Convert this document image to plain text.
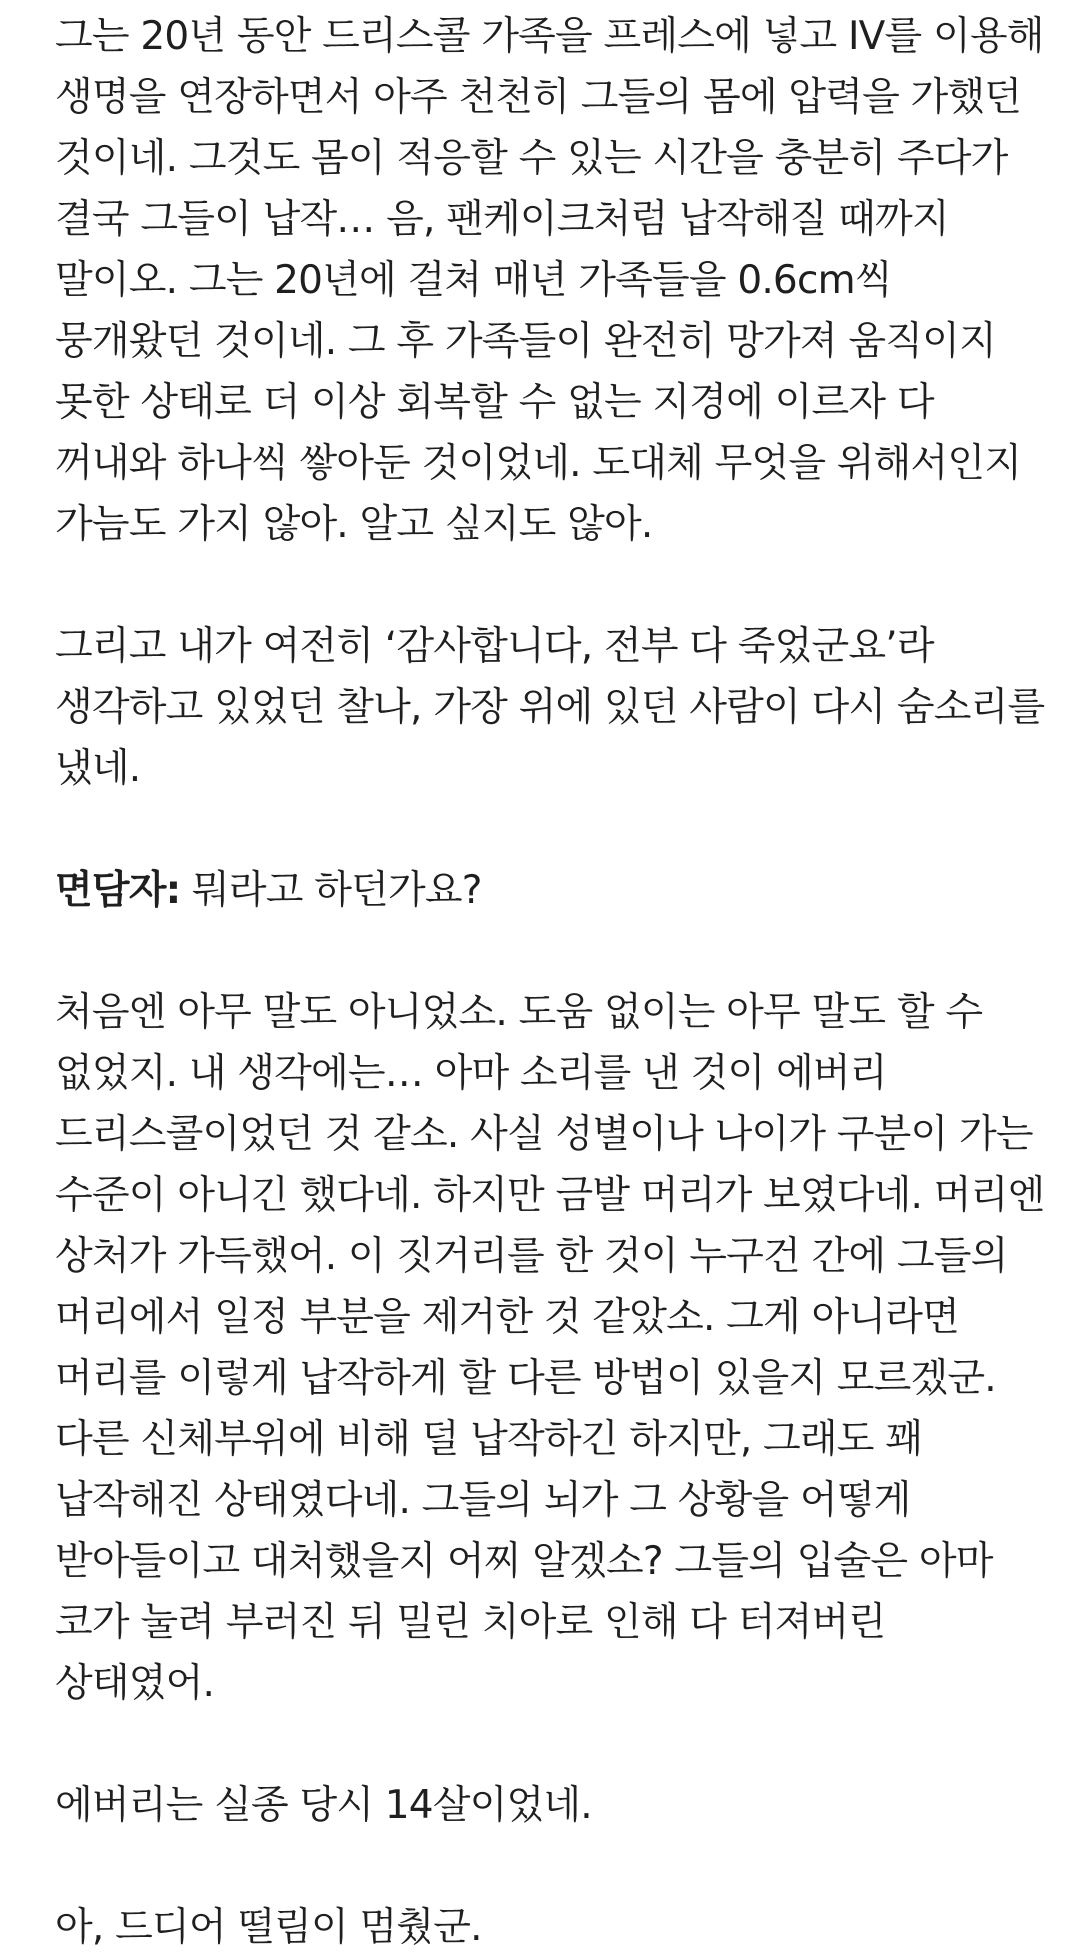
그는 20년 동안 드리스콜 가족을 프레스에 넣고 IV를 이용해 생명을 연장하면서 아주 천천히 그들의 몸에 압력을 가했던 것이네. 그것도 몸이 적응할 수 있는 시간을 충분히 주다가 결국 그들이 납작… 음, 팬케이크처럼 납작해질 때까지 말이오. 그는 20년에 걸쳐 매년 가족들을 0.6cm씩 뭉개왔던 것이네. 그 후 가족들이 완전히 망가져 움직이지 못한 상태로 더 이상 회복할 수 없는 지경에 이르자 다 꺼내와 하나씩 쌓아둔 것이었네. 도대체 무엇을 위해서인지 가늠도 가지 않아. 알고 싶지도 않아.

그리고 내가 여전히 ‘감사합니다, 전부 다 죽었군요’라 생각하고 있었던 찰나, 가장 위에 있던 사람이 다시 숨소리를 냈네.

면담자: 뭐라고 하던가요?

처음엔 아무 말도 아니었소. 도움 없이는 아무 말도 할 수 없었지. 내 생각에는… 아마 소리를 낸 것이 에버리 드리스콜이었던 것 같소. 사실 성별이나 나이가 구분이 가는 수준이 아니긴 했다네. 하지만 금발 머리가 보였다네. 머리엔 상처가 가득했어. 이 짓거리를 한 것이 누구건 간에 그들의 머리에서 일정 부분을 제거한 것 같았소. 그게 아니라면 머리를 이렇게 납작하게 할 다른 방법이 있을지 모르겠군. 다른 신체부위에 비해 덜 납작하긴 하지만, 그래도 꽤 납작해진 상태였다네. 그들의 뇌가 그 상황을 어떻게 받아들이고 대처했을지 어찌 알겠소? 그들의 입술은 아마 코가 눌려 부러진 뒤 밀린 치아로 인해 다 터져버린 상태였어.

에버리는 실종 당시 14살이었네.

아, 드디어 떨림이 멈췄군.
